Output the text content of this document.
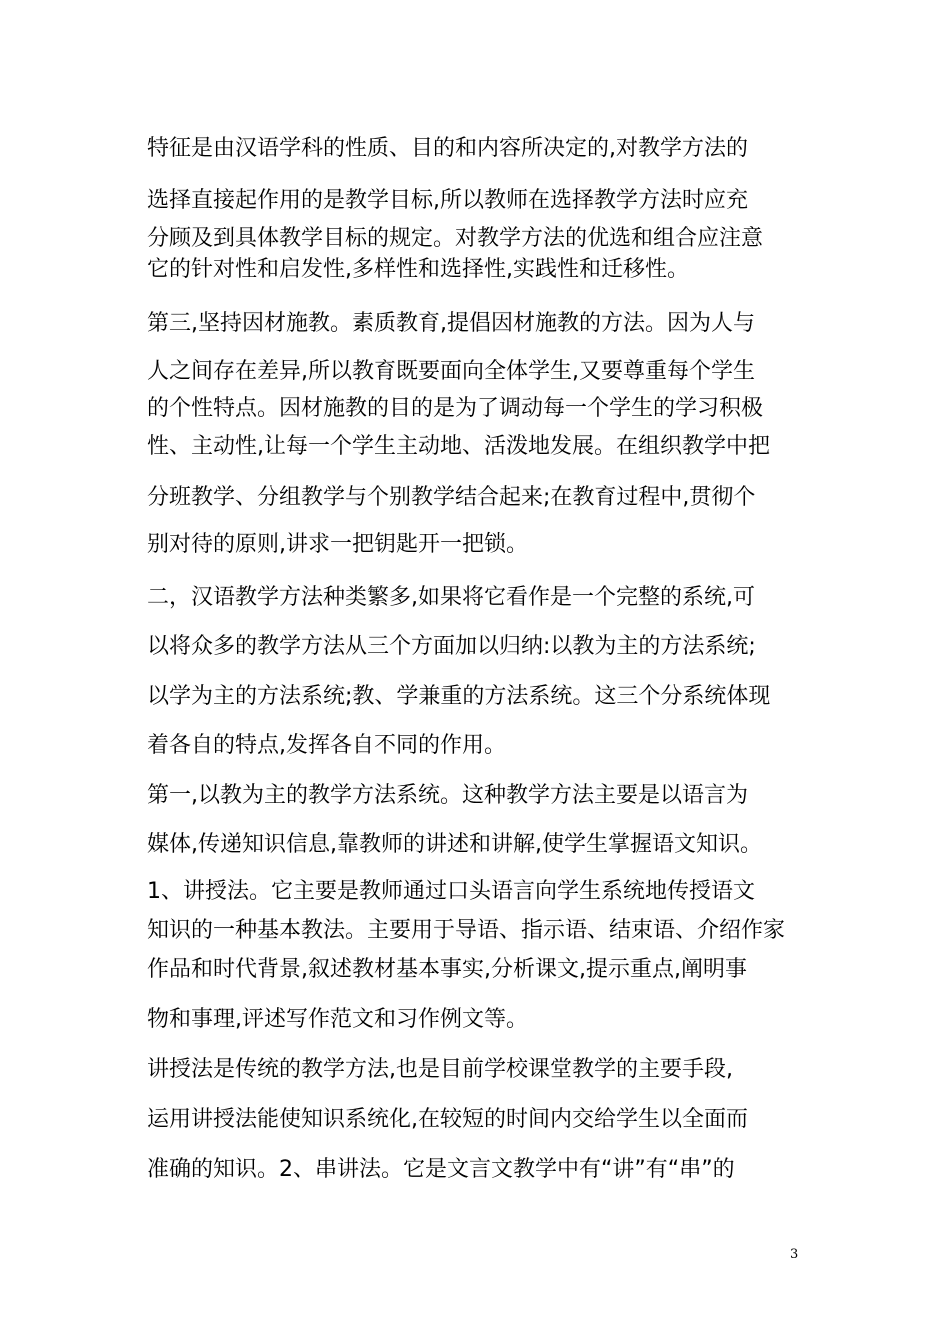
特征是由汉语学科的性质、目的和内容所决定的,对教学方法的
选择直接起作用的是教学目标,所以教师在选择教学方法时应充
分顾及到具体教学目标的规定。对教学方法的优选和组合应注意
它的针对性和启发性,多样性和选择性,实践性和迁移性。
第三,坚持因材施教。素质教育,提倡因材施教的方法。因为人与
人之间存在差异,所以教育既要面向全体学生,又要尊重每个学生
的个性特点。因材施教的目的是为了调动每一个学生的学习积极
性、主动性,让每一个学生主动地、活泼地发展。在组织教学中把
分班教学、分组教学与个别教学结合起来;在教育过程中,贯彻个
别对待的原则,讲求一把钥匙开一把锁。
二，汉语教学方法种类繁多,如果将它看作是一个完整的系统,可
以将众多的教学方法从三个方面加以归纳:以教为主的方法系统;
以学为主的方法系统;教、学兼重的方法系统。这三个分系统体现
着各自的特点,发挥各自不同的作用。
第一,以教为主的教学方法系统。这种教学方法主要是以语言为
媒体,传递知识信息,靠教师的讲述和讲解,使学生掌握语文知识。
1、讲授法。它主要是教师通过口头语言向学生系统地传授语文
知识的一种基本教法。主要用于导语、指示语、结束语、介绍作家
作品和时代背景,叙述教材基本事实,分析课文,提示重点,阐明事
物和事理,评述写作范文和习作例文等。
讲授法是传统的教学方法,也是目前学校课堂教学的主要手段,
运用讲授法能使知识系统化,在较短的时间内交给学生以全面而
准确的知识。2、串讲法。它是文言文教学中有“讲”有“串”的
3
